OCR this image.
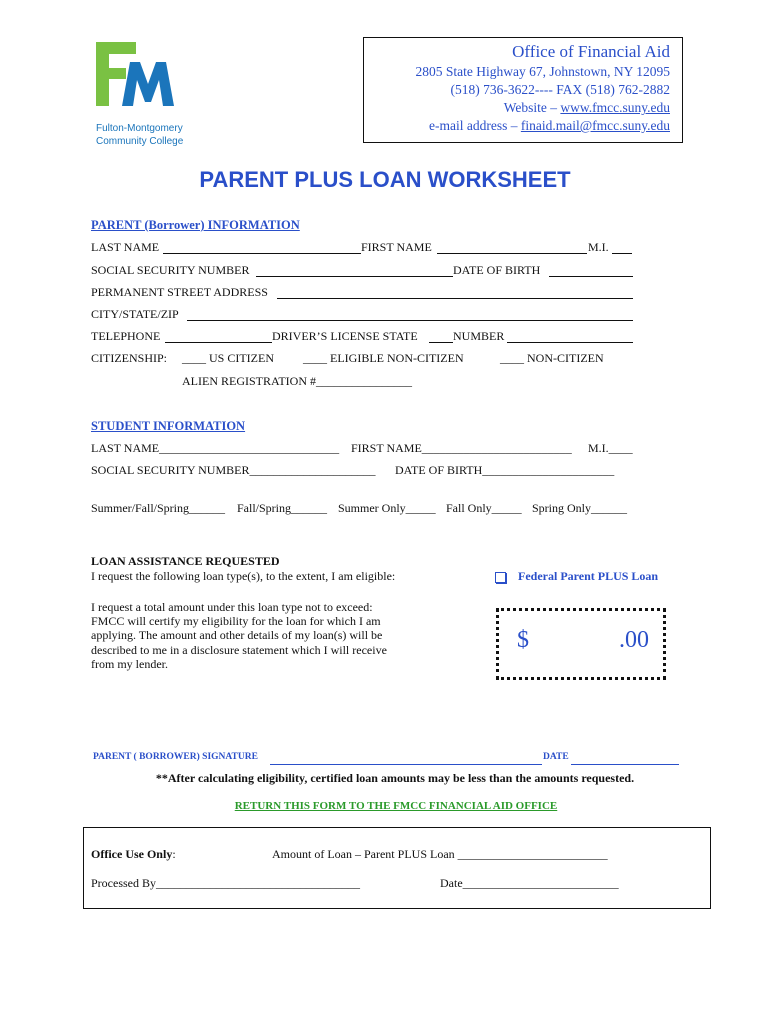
Fulton-Montgomery
Community College
Office of Financial Aid
2805 State Highway 67, Johnstown, NY 12095
(518) 736-3622---- FAX (518) 762-2882
Website – www.fmcc.suny.edu
e-mail address – finaid.mail@fmcc.suny.edu
PARENT PLUS LOAN WORKSHEET
PARENT (Borrower) INFORMATION
LAST NAME	FIRST NAME	M.I.
SOCIAL SECURITY NUMBER	DATE OF BIRTH
PERMANENT STREET ADDRESS
CITY/STATE/ZIP
TELEPHONE	DRIVER’S LICENSE STATE	NUMBER
CITIZENSHIP: ____ US CITIZEN ____ ELIGIBLE NON-CITIZEN	____ NON-CITIZEN
ALIEN REGISTRATION #________________
STUDENT INFORMATION
LAST NAME______________________________ FIRST NAME_________________________ M.I.____
SOCIAL SECURITY NUMBER_____________________ DATE OF BIRTH______________________
Summer/Fall/Spring______ Fall/Spring______ Summer Only_____ Fall Only_____ Spring Only______
LOAN ASSISTANCE REQUESTED
I request the following loan type(s), to the extent, I am eligible:	Federal Parent PLUS Loan
I request a total amount under this loan type not to exceed:
FMCC will certify my eligibility for the loan for which I am
applying. The amount and other details of my loan(s) will be
described to me in a disclosure statement which I will receive
from my lender.
$	.00
PARENT ( BORROWER) SIGNATURE	DATE
**After calculating eligibility, certified loan amounts may be less than the amounts requested.
RETURN THIS FORM TO THE FMCC FINANCIAL AID OFFICE
Office Use Only:	Amount of Loan – Parent PLUS Loan _________________________
Processed By__________________________________	Date__________________________
